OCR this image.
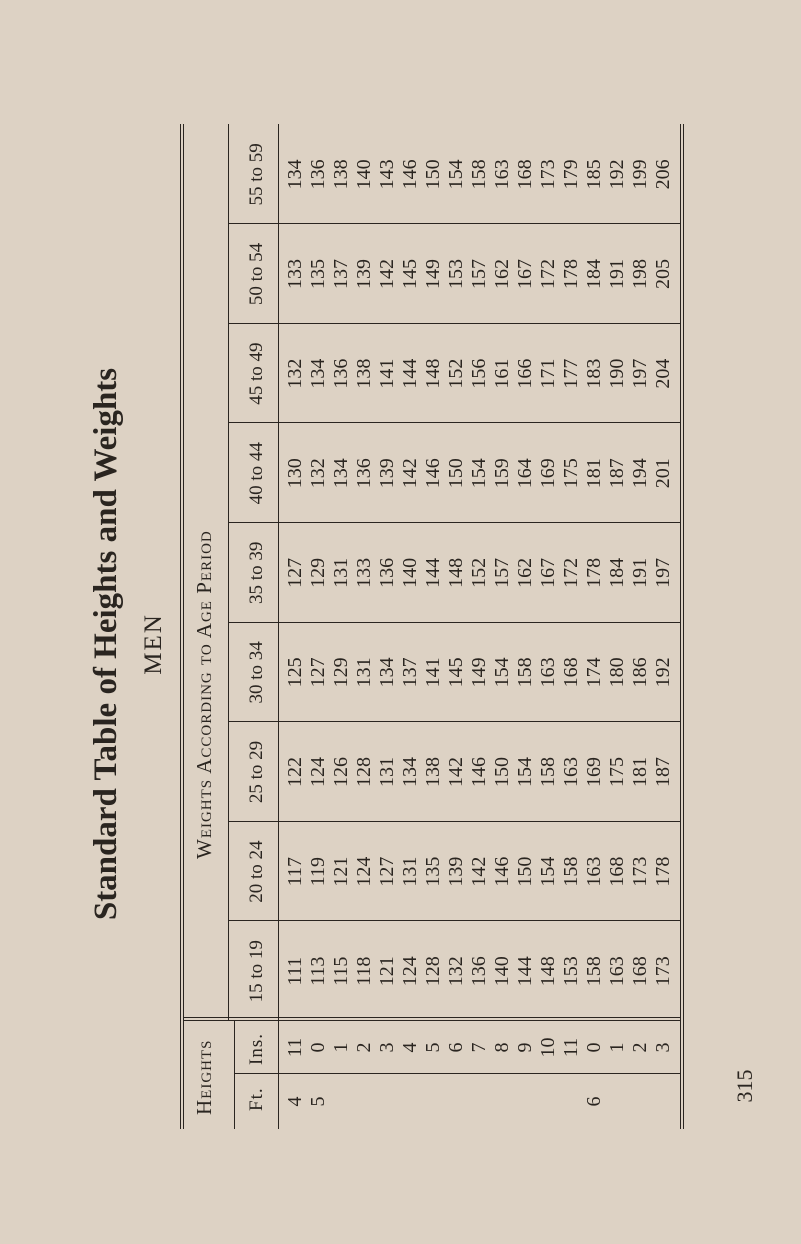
Standard Table of Heights and Weights MEN
Heights
Weights According to Age Period
Ft.
Ins.
15 to 19
20 to 24
25 to 29
30 to 34
35 to 39
40 to 44
45 to 49
50 to 54
55 to 59
4
11
111
117
122
125
127
130
132
133
134
5
0
113
119
124
127
129
132
134
135
136
1
115
121
126
129
131
134
136
137
138
2
118
124
128
131
133
136
138
139
140
3
121
127
131
134
136
139
141
142
143
4
124
131
134
137
140
142
144
145
146
5
128
135
138
141
144
146
148
149
150
6
132
139
142
145
148
150
152
153
154
7
136
142
146
149
152
154
156
157
158
8
140
146
150
154
157
159
161
162
163
9
144
150
154
158
162
164
166
167
168
10
148
154
158
163
167
169
171
172
173
11
153
158
163
168
172
175
177
178
179
6
0
158
163
169
174
178
181
183
184
185
1
163
168
175
180
184
187
190
191
192
2
168
173
181
186
191
194
197
198
199
3
173
178
187
192
197
201
204
205
206
315
